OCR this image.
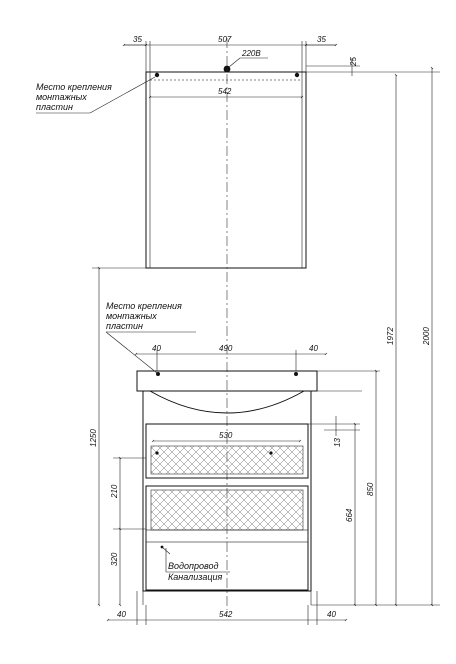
35	507	35
220В
25
542
Место крепления
монтажных
пластин
Место крепления
монтажных
пластин
40	490	40
530
13
1250
210
320
2000
1972
850
664
Водопровод
Канализация
40	542	40
